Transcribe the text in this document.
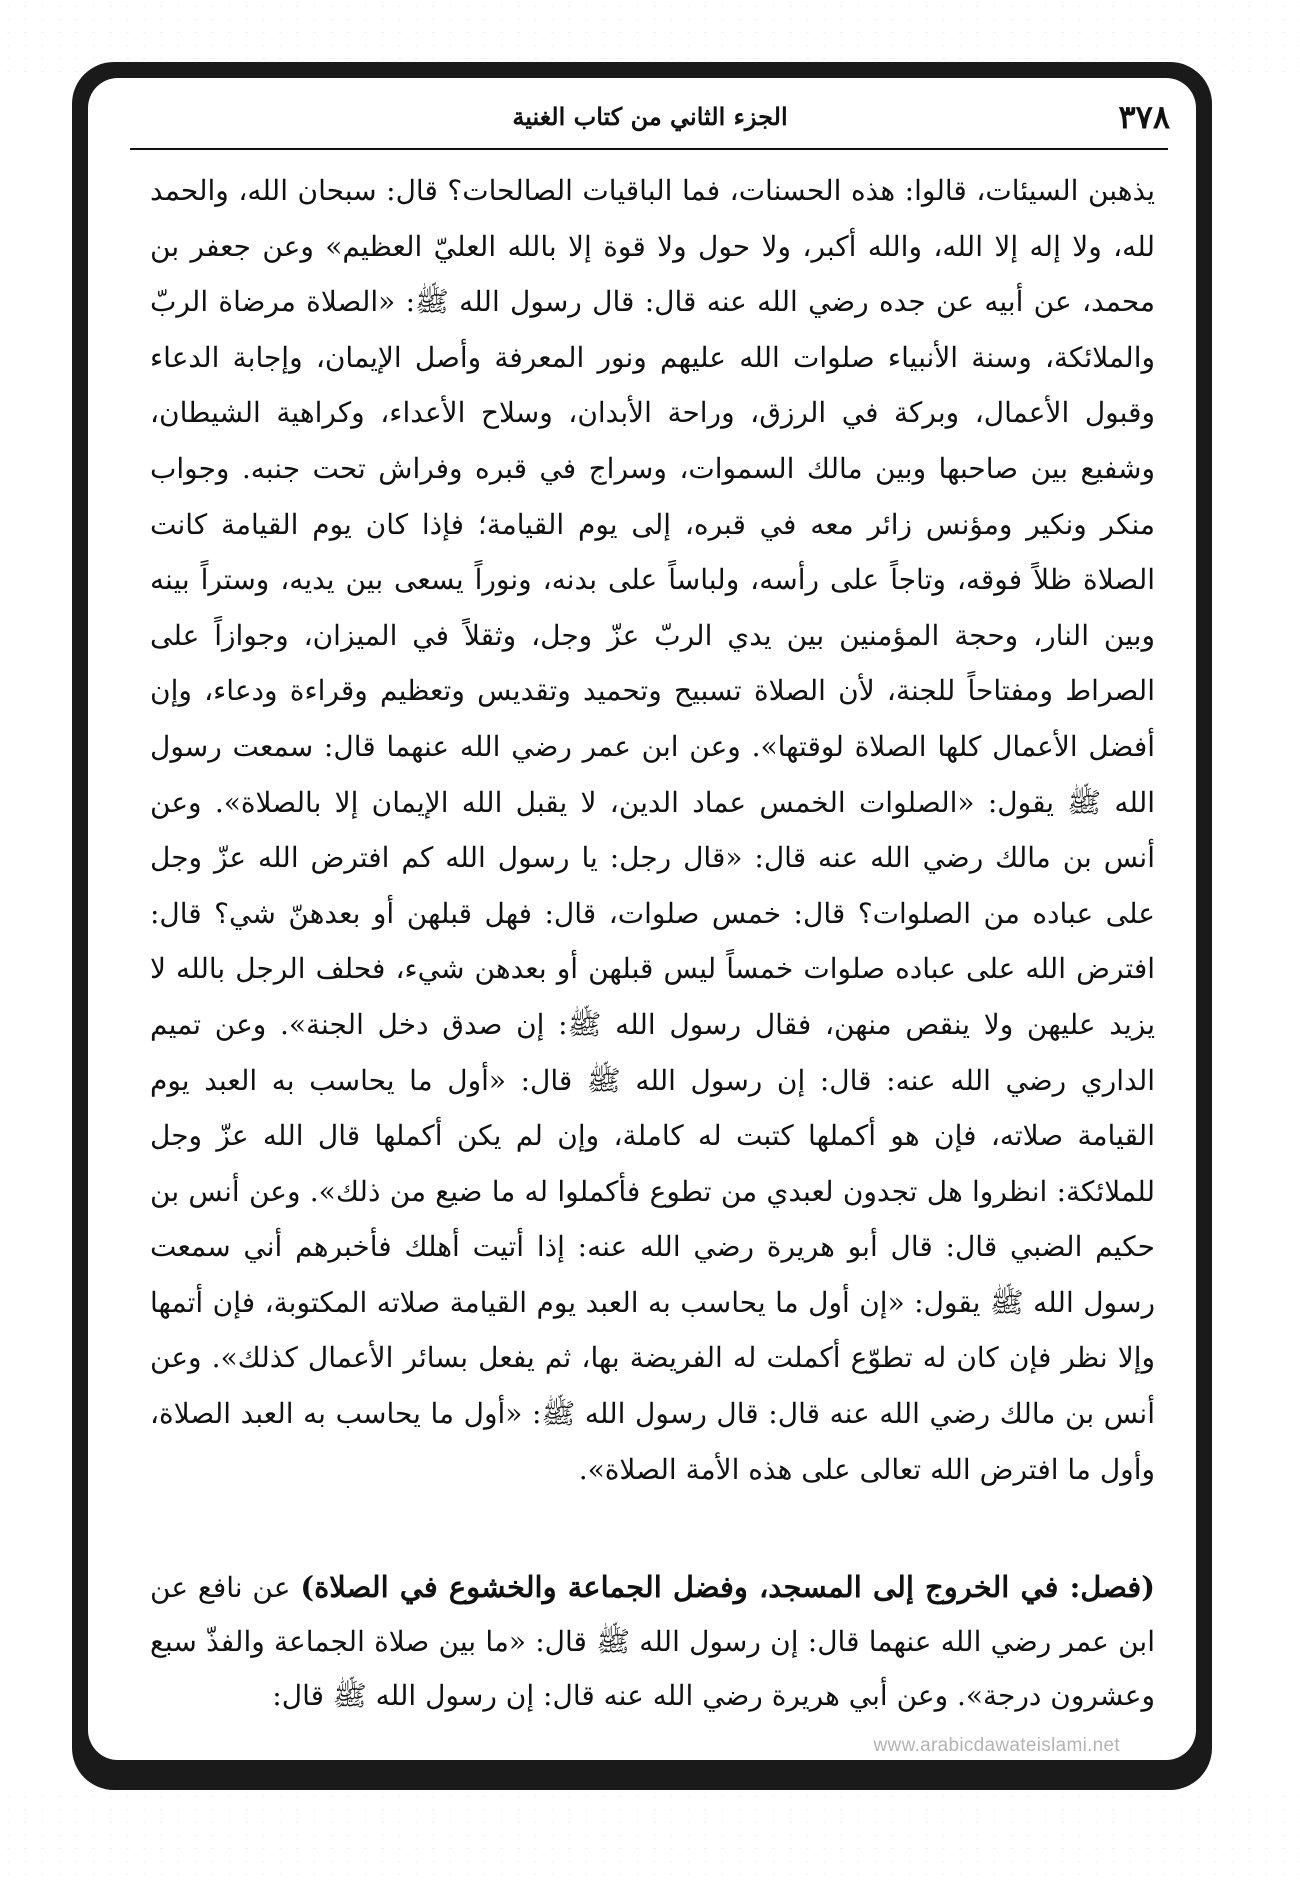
٣٧٨
الجزء الثاني من كتاب الغنية
يذهبن السيئات، قالوا: هذه الحسنات، فما الباقيات الصالحات؟ قال: سبحان الله، والحمد لله، ولا إله إلا الله، والله أكبر، ولا حول ولا قوة إلا بالله العليّ العظيم» وعن جعفر بن محمد، عن أبيه عن جده رضي الله عنه قال: قال رسول الله ﷺ: «الصلاة مرضاة الربّ والملائكة، وسنة الأنبياء صلوات الله عليهم ونور المعرفة وأصل الإيمان، وإجابة الدعاء وقبول الأعمال، وبركة في الرزق، وراحة الأبدان، وسلاح الأعداء، وكراهية الشيطان، وشفيع بين صاحبها وبين مالك السموات، وسراج في قبره وفراش تحت جنبه. وجواب منكر ونكير ومؤنس زائر معه في قبره، إلى يوم القيامة؛ فإذا كان يوم القيامة كانت الصلاة ظلاً فوقه، وتاجاً على رأسه، ولباساً على بدنه، ونوراً يسعى بين يديه، وستراً بينه وبين النار، وحجة المؤمنين بين يدي الربّ عزّ وجل، وثقلاً في الميزان، وجوازاً على الصراط ومفتاحاً للجنة، لأن الصلاة تسبيح وتحميد وتقديس وتعظيم وقراءة ودعاء، وإن أفضل الأعمال كلها الصلاة لوقتها». وعن ابن عمر رضي الله عنهما قال: سمعت رسول الله ﷺ يقول: «الصلوات الخمس عماد الدين، لا يقبل الله الإيمان إلا بالصلاة». وعن أنس بن مالك رضي الله عنه قال: «قال رجل: يا رسول الله كم افترض الله عزّ وجل على عباده من الصلوات؟ قال: خمس صلوات، قال: فهل قبلهن أو بعدهنّ شي؟ قال: افترض الله على عباده صلوات خمساً ليس قبلهن أو بعدهن شيء، فحلف الرجل بالله لا يزيد عليهن ولا ينقص منهن، فقال رسول الله ﷺ: إن صدق دخل الجنة». وعن تميم الداري رضي الله عنه: قال: إن رسول الله ﷺ قال: «أول ما يحاسب به العبد يوم القيامة صلاته، فإن هو أكملها كتبت له كاملة، وإن لم يكن أكملها قال الله عزّ وجل للملائكة: انظروا هل تجدون لعبدي من تطوع فأكملوا له ما ضيع من ذلك». وعن أنس بن حكيم الضبي قال: قال أبو هريرة رضي الله عنه: إذا أتيت أهلك فأخبرهم أني سمعت رسول الله ﷺ يقول: «إن أول ما يحاسب به العبد يوم القيامة صلاته المكتوبة، فإن أتمها وإلا نظر فإن كان له تطوّع أكملت له الفريضة بها، ثم يفعل بسائر الأعمال كذلك». وعن أنس بن مالك رضي الله عنه قال: قال رسول الله ﷺ: «أول ما يحاسب به العبد الصلاة، وأول ما افترض الله تعالى على هذه الأمة الصلاة».
(فصل: في الخروج إلى المسجد، وفضل الجماعة والخشوع في الصلاة) عن نافع عن ابن عمر رضي الله عنهما قال: إن رسول الله ﷺ قال: «ما بين صلاة الجماعة والفذّ سبع وعشرون درجة». وعن أبي هريرة رضي الله عنه قال: إن رسول الله ﷺ قال:
www.arabicdawateislami.net
